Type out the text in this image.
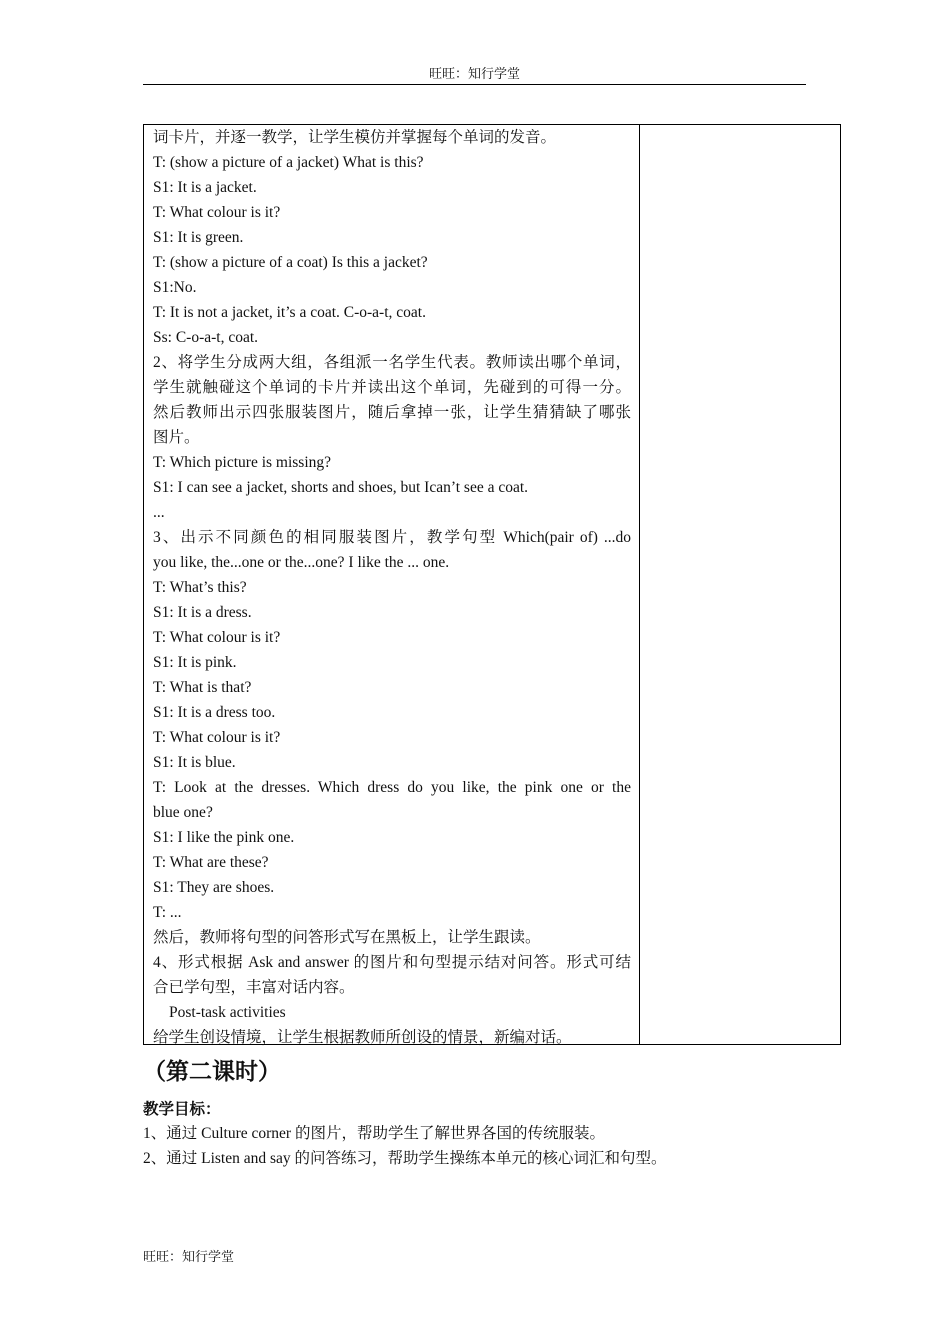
旺旺：知行学堂
词卡片，并逐一教学，让学生模仿并掌握每个单词的发音。
T: (show a picture of a jacket) What is this?
S1: It is a jacket.
T: What colour is it?
S1: It is green.
T: (show a picture of a coat) Is this a jacket?
S1:No.
T: It is not a jacket, it’s a coat. C-o-a-t, coat.
Ss: C-o-a-t, coat.
2、将学生分成两大组，各组派一名学生代表。教师读出哪个单词，
学生就触碰这个单词的卡片并读出这个单词，先碰到的可得一分。
然后教师出示四张服装图片，随后拿掉一张，让学生猜猜缺了哪张
图片。
T: Which picture is missing?
S1: I can see a jacket, shorts and shoes, but Ican’t see a coat.
...
3、出示不同颜色的相同服装图片，教学句型 Which(pair of) ...do
you like, the...one or the...one? I like the ... one.
T: What’s this?
S1: It is a dress.
T: What colour is it?
S1: It is pink.
T: What is that?
S1: It is a dress too.
T: What colour is it?
S1: It is blue.
T: Look at the dresses. Which dress do you like, the pink one or the
blue one?
S1: I like the pink one.
T: What are these?
S1: They are shoes.
T: ...
然后，教师将句型的问答形式写在黑板上，让学生跟读。
4、形式根据 Ask and answer 的图片和句型提示结对问答。形式可结
合已学句型，丰富对话内容。
Post-task activities
给学生创设情境，让学生根据教师所创设的情景，新编对话。
（第二课时）
教学目标：
1、通过 Culture corner 的图片，帮助学生了解世界各国的传统服装。
2、通过 Listen and say 的问答练习，帮助学生操练本单元的核心词汇和句型。
旺旺：知行学堂
